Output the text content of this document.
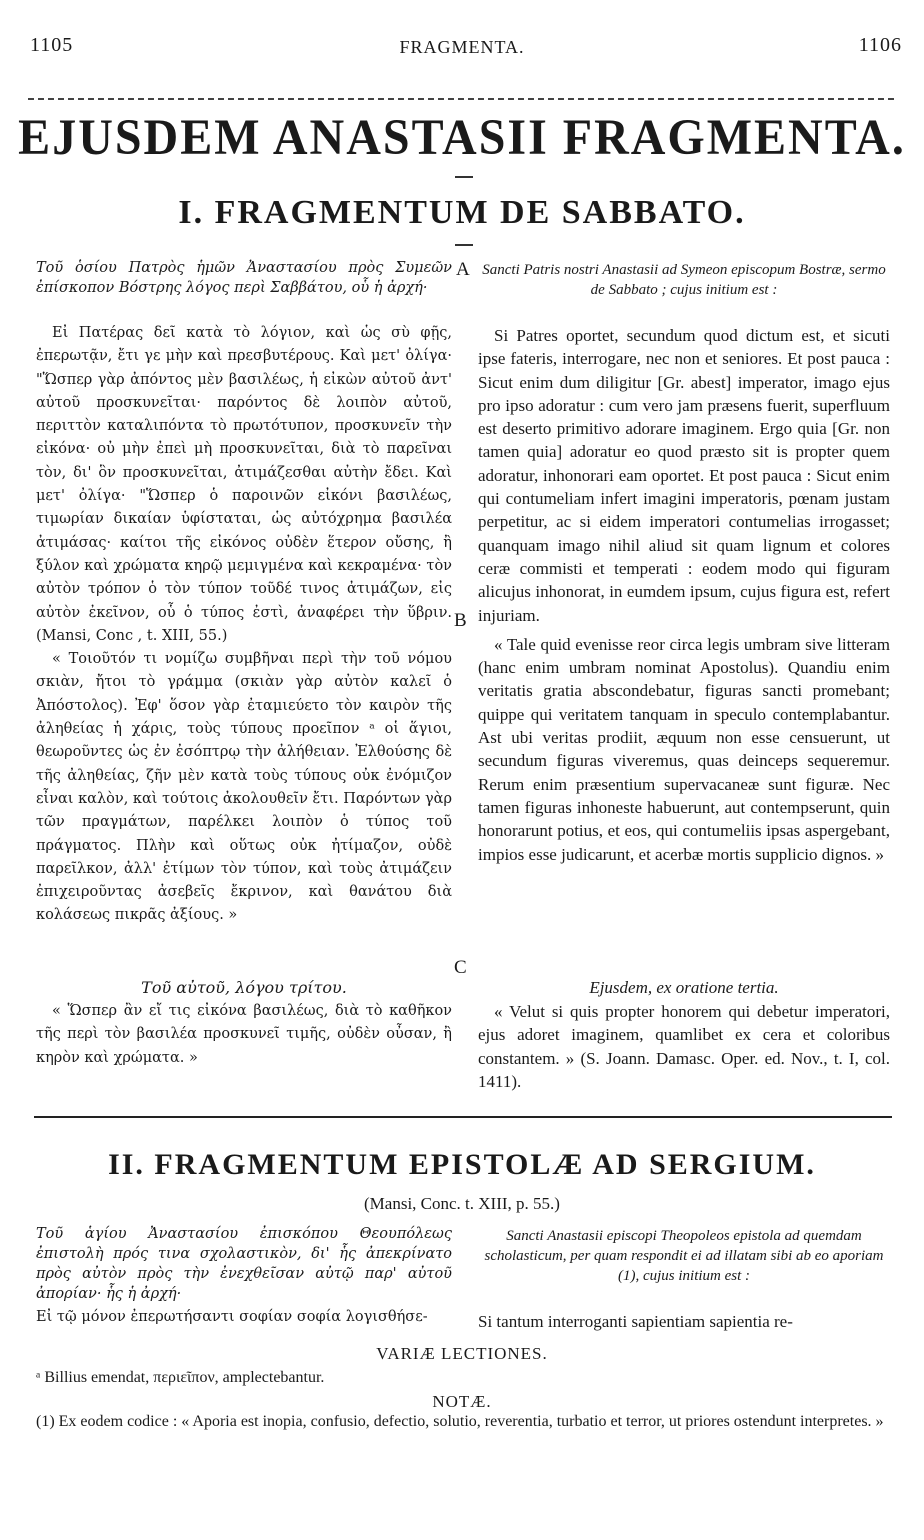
1105	FRAGMENTA.	1106
EJUSDEM ANASTASII FRAGMENTA.
I. FRAGMENTUM DE SABBATO.
Τοῦ ὁσίου Πατρὸς ἡμῶν Ἀναστασίου πρὸς Συμεῶν ἐπίσκοπον Βόστρης λόγος περὶ Σαββάτου, οὗ ἡ ἀρχή·

Εἰ Πατέρας δεῖ κατὰ τὸ λόγιον, καὶ ὡς σὺ φῇς, ἐπερωτᾷν, ἔτι γε μὴν καὶ πρεσβυτέρους. Καὶ μετ' ὀλίγα· "Ὥσπερ γὰρ ἀπόντος μὲν βασιλέως, ἡ εἰκὼν αὐτοῦ ἀντ' αὐτοῦ προσκυνεῖται· παρόντος δὲ λοιπὸν αὐτοῦ, περιττὸν καταλιπόντα τὸ πρωτότυπον, προσκυνεῖν τὴν εἰκόνα· οὐ μὴν ἐπεὶ μὴ προσκυνεῖται, διὰ τὸ παρεῖναι τὸν, δι' ὃν προσκυνεῖται, ἀτιμάζεσθαι αὐτὴν ἔδει. Καὶ μετ' ὀλίγα· "Ὥσπερ ὁ παροινῶν εἰκόνι βασιλέως, τιμωρίαν δικαίαν ὑφίσταται, ὡς αὐτόχρημα βασιλέα ἀτιμάσας· καίτοι τῆς εἰκόνος οὐδὲν ἕτερον οὔσης, ἢ ξύλον καὶ χρώματα κηρῷ μεμιγμένα καὶ κεκραμένα· τὸν αὐτὸν τρόπον ὁ τὸν τύπον τοῦδέ τινος ἀτιμάζων, εἰς αὐτὸν ἐκεῖνον, οὗ ὁ τύπος ἐστὶ, ἀναφέρει τὴν ὕβριν. (Mansi, Conc , t. XIII, 55.)

« Τοιοῦτόν τι νομίζω συμβῆναι περὶ τὴν τοῦ νόμου σκιὰν, ἤτοι τὸ γράμμα (σκιὰν γὰρ αὐτὸν καλεῖ ὁ Ἀπόστολος). Ἐφ' ὅσον γὰρ ἐταμιεύετο τὸν καιρὸν τῆς ἀληθείας ἡ χάρις, τοὺς τύπους προεῖπον ᵃ οἱ ἅγιοι, θεωροῦντες ὡς ἐν ἐσόπτρῳ τὴν ἀλήθειαν. Ἐλθούσης δὲ τῆς ἀληθείας, ζῆν μὲν κατὰ τοὺς τύπους οὐκ ἐνόμιζον εἶναι καλὸν, καὶ τούτοις ἀκολουθεῖν ἔτι. Παρόντων γὰρ τῶν πραγμάτων, παρέλκει λοιπὸν ὁ τύπος τοῦ πράγματος. Πλὴν καὶ οὕτως οὐκ ἠτίμαζον, οὐδὲ παρεῖλκον, ἀλλ' ἐτίμων τὸν τύπον, καὶ τοὺς ἀτιμάζειν ἐπιχειροῦντας ἀσεβεῖς ἔκρινον, καὶ θανάτου διὰ κολάσεως πικρᾶς ἀξίους. »

Τοῦ αὐτοῦ, λόγου τρίτου.

« Ὥσπερ ἂν εἴ τις εἰκόνα βασιλέως, διὰ τὸ καθῆκον τῆς περὶ τὸν βασιλέα προσκυνεῖ τιμῆς, οὐδὲν οὖσαν, ἢ κηρὸν καὶ χρώματα. »

A
B
C
Sancti Patris nostri Anastasii ad Symeon episcopum Bostræ, sermo de Sabbato ; cujus initium est :

Si Patres oportet, secundum quod dictum est, et sicuti ipse fateris, interrogare, nec non et seniores. Et post pauca : Sicut enim dum diligitur [Gr. abest] imperator, imago ejus pro ipso adoratur : cum vero jam præsens fuerit, superfluum est deserto primitivo adorare imaginem. Ergo quia [Gr. non tamen quia] adoratur eo quod præsto sit is propter quem adoratur, inhonorari eam oportet. Et post pauca : Sicut enim qui contumeliam infert imagini imperatoris, pœnam justam perpetitur, ac si eidem imperatori contumelias irrogasset; quanquam imago nihil aliud sit quam lignum et colores ceræ commisti et temperati : eodem modo qui figuram alicujus inhonorat, in eumdem ipsum, cujus figura est, refert injuriam.

« Tale quid evenisse reor circa legis umbram sive litteram (hanc enim umbram nominat Apostolus). Quandiu enim veritatis gratia abscondebatur, figuras sancti promebant; quippe qui veritatem tanquam in speculo contemplabantur. Ast ubi veritas prodiit, æquum non esse censuerunt, ut secundum figuras viveremus, quas deinceps sequeremur. Rerum enim præsentium supervacaneæ sunt figuræ. Nec tamen figuras inhoneste habuerunt, aut contempserunt, quin honorarunt potius, et eos, qui contumeliis ipsas aspergebant, impios esse judicarunt, et acerbæ mortis supplicio dignos. »

Ejusdem, ex oratione tertia.

« Velut si quis propter honorem qui debetur imperatori, ejus adoret imaginem, quamlibet ex cera et coloribus constantem. » (S. Joann. Damasc. Oper. ed. Nov., t. I, col. 1411).

II. FRAGMENTUM EPISTOLÆ AD SERGIUM.
(Mansi, Conc. t. XIII, p. 55.)
Τοῦ ἁγίου Ἀναστασίου ἐπισκόπου Θεουπόλεως ἐπιστολὴ πρός τινα σχολαστικὸν, δι' ἧς ἀπεκρίνατο πρὸς αὐτὸν πρὸς τὴν ἐνεχθεῖσαν αὐτῷ παρ' αὐτοῦ ἀπορίαν· ἧς ἡ ἀρχή·
Sancti Anastasii episcopi Theopoleos epistola ad quemdam scholasticum, per quam respondit ei ad illatam sibi ab eo aporiam (1), cujus initium est :
Εἰ τῷ μόνον ἐπερωτήσαντι σοφίαν σοφία λογισθήσε-	Si tantum interroganti sapientiam sapientia re-
VARIÆ LECTIONES.
ᵃ Billius emendat, περιεῖπον, amplectebantur.
NOTÆ.
(1) Ex eodem codice : « Aporia est inopia, confusio, defectio, solutio, reverentia, turbatio et terror, ut priores ostendunt interpretes. »
